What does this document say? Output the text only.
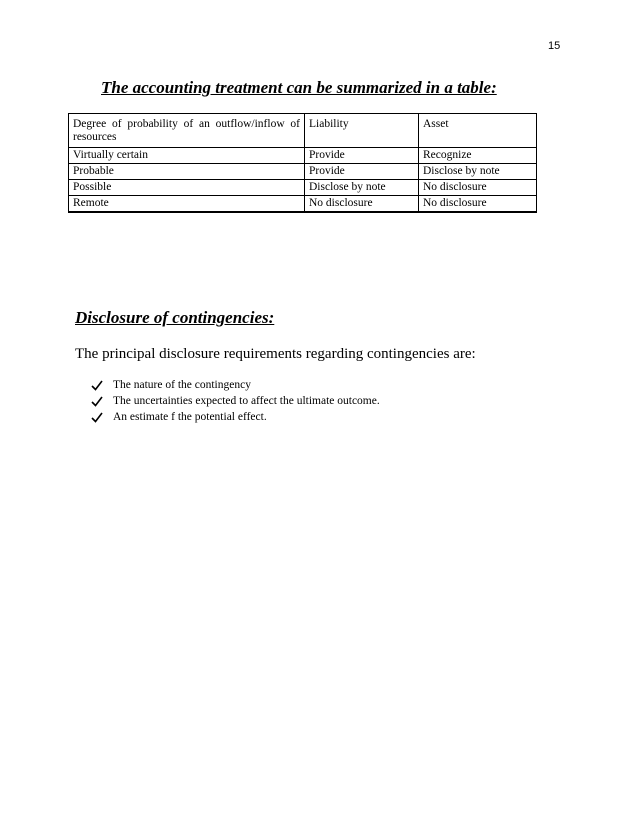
15
The accounting treatment can be summarized in a table:
Degree of probability of an outflow/inflow of resources	Liability	Asset
Virtually certain	Provide	Recognize
Probable	Provide	Disclose by note
Possible	Disclose by note	No disclosure
Remote	No disclosure	No disclosure
Disclosure of contingencies:

The principal disclosure requirements regarding contingencies are:

The nature of the contingency
The uncertainties expected to affect the ultimate outcome.
An estimate f the potential effect.
